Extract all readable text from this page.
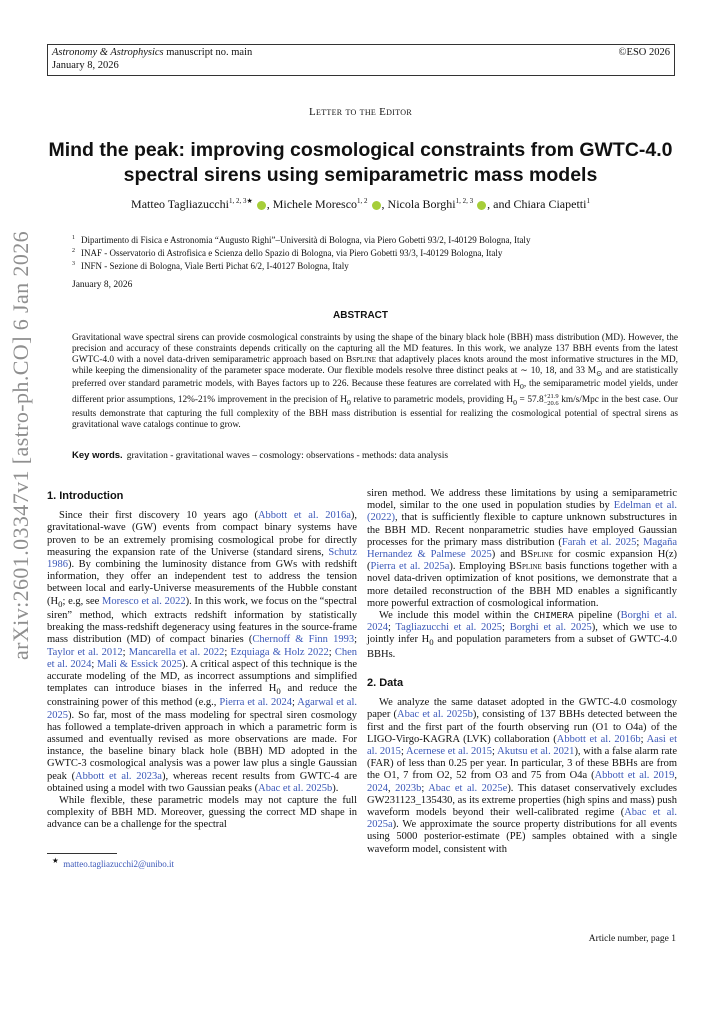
Astronomy & Astrophysics manuscript no. main
January 8, 2026
©ESO 2026
Letter to the Editor
Mind the peak: improving cosmological constraints from GWTC-4.0 spectral sirens using semiparametric mass models
Matteo Tagliazucchi$^{1, 2, 3★}$ , Michele Moresco$^{1, 2}$ , Nicola Borghi$^{1, 2, 3}$ , and Chiara Ciapetti$^1$
$^1$ Dipartimento di Fisica e Astronomia “Augusto Righi”–Università di Bologna, via Piero Gobetti 93/2, I-40129 Bologna, Italy
$^2$ INAF - Osservatorio di Astrofisica e Scienza dello Spazio di Bologna, via Piero Gobetti 93/3, I-40129 Bologna, Italy
$^3$ INFN - Sezione di Bologna, Viale Berti Pichat 6/2, I-40127 Bologna, Italy
January 8, 2026
ABSTRACT

Gravitational wave spectral sirens can provide cosmological constraints by using the shape of the binary black hole (BBH) mass distribution (MD). However, the precision and accuracy of these constraints depends critically on the capturing all the MD features. In this work, we analyze 137 BBH events from the latest GWTC-4.0 with a novel data-driven semiparametric approach based on Bspline that adaptively places knots around the most informative structures in the MD, while keeping the dimensionality of the parameter space moderate. Our flexible models resolve three distinct peaks at ∼ 10, 18, and 33 $M_⊙$ and are statistically preferred over standard parametric models, with Bayes factors up to 226. Because these features are correlated with $H_0$, the semiparametric model yields, under different prior assumptions, 12%-21% improvement in the precision of $H_0$ relative to parametric models, providing $H_0 = 57.8 +21.9$
−20.6 km/s/Mpc in the best case. Our results demonstrate that capturing the full complexity of the BBH mass distribution is essential for realizing the cosmological potential of spectral sirens as gravitational wave catalogs continue to grow.

Key words. gravitation - gravitational waves – cosmology: observations - methods: data analysis
arXiv:2601.03347v1 [astro-ph.CO] 6 Jan 2026 1. Introduction

Since their first discovery 10 years ago (Abbott et al. 2016a), gravitational-wave (GW) events from compact binary systems have proven to be an extremely promising cosmological probe for directly measuring the expansion rate of the Universe (standard sirens, Schutz 1986). By combining the luminosity distance from GWs with redshift information, they offer an independent test to address the tension between local and early-Universe measurements of the Hubble constant ($H_0$; e.g, see Moresco et al. 2022). In this work, we focus on the “spectral siren” method, which extracts redshift information by statistically breaking the mass-redshift degeneracy using features in the source-frame mass distribution (MD) of compact binaries (Chernoff & Finn 1993; Taylor et al. 2012; Mancarella et al. 2022; Ezquiaga & Holz 2022; Chen et al. 2024; Mali & Essick 2025). A critical aspect of this technique is the accurate modeling of the MD, as incorrect assumptions and simplified templates can introduce biases in the inferred $H_0$ and reduce the constraining power of this method (e.g., Pierra et al. 2024; Agarwal et al. 2025). So far, most of the mass modeling for spectral siren cosmology has followed a template-driven approach in which a parametric form is assumed and eventually revised as more observations are made. For instance, the baseline binary black hole (BBH) MD adopted in the GWTC-3 cosmological analysis was a power law plus a single Gaussian peak (Abbott et al. 2023a), whereas recent results from GWTC-4 are obtained using a model with two Gaussian peaks (Abac et al. 2025b).

While flexible, these parametric models may not capture the full complexity of BBH MD. Moreover, guessing the correct MD shape in advance can be a challenge for the spectral

siren method. We address these limitations by using a semiparametric model, similar to the one used in population studies by Edelman et al. (2022), that is sufficiently flexible to capture unknown substructures in the BBH MD. Recent nonparametric studies have employed Gaussian processes for the primary mass distribution (Farah et al. 2025; Magaña Hernandez & Palmese 2025) and BSpline for cosmic expansion H(z) (Pierra et al. 2025a). Employing BSpline basis functions together with a novel data-driven optimization of knot positions, we demonstrate that a more detailed reconstruction of the BBH MD enables a significantly more powerful extraction of cosmological information.

We include this model within the CHIMERA pipeline (Borghi et al. 2024; Tagliazucchi et al. 2025; Borghi et al. 2025), which we use to jointly infer $H_0$ and population parameters from a subset of GWTC-4.0 BBHs.

2. Data

We analyze the same dataset adopted in the GWTC-4.0 cosmology paper (Abac et al. 2025b), consisting of 137 BBHs detected between the first and the first part of the fourth observing run (O1 to O4a) of the LIGO-Virgo-KAGRA (LVK) collaboration (Abbott et al. 2016b; Aasi et al. 2015; Acernese et al. 2015; Akutsu et al. 2021), with a false alarm rate (FAR) of less than 0.25 per year. In particular, 3 of these BBHs are from the O1, 7 from O2, 52 from O3 and 75 from O4a (Abbott et al. 2019, 2024, 2023b; Abac et al. 2025e). This dataset conservatively excludes GW231123_135430, as its extreme properties (high spins and mass) push waveform models beyond their well-calibrated regime (Abac et al. 2025a). We approximate the source property distributions for all events using 5000 posterior-estimate (PE) samples obtained with a single waveform model, consistent with

★ matteo.tagliazucchi2@unibo.it
Article number, page 1
